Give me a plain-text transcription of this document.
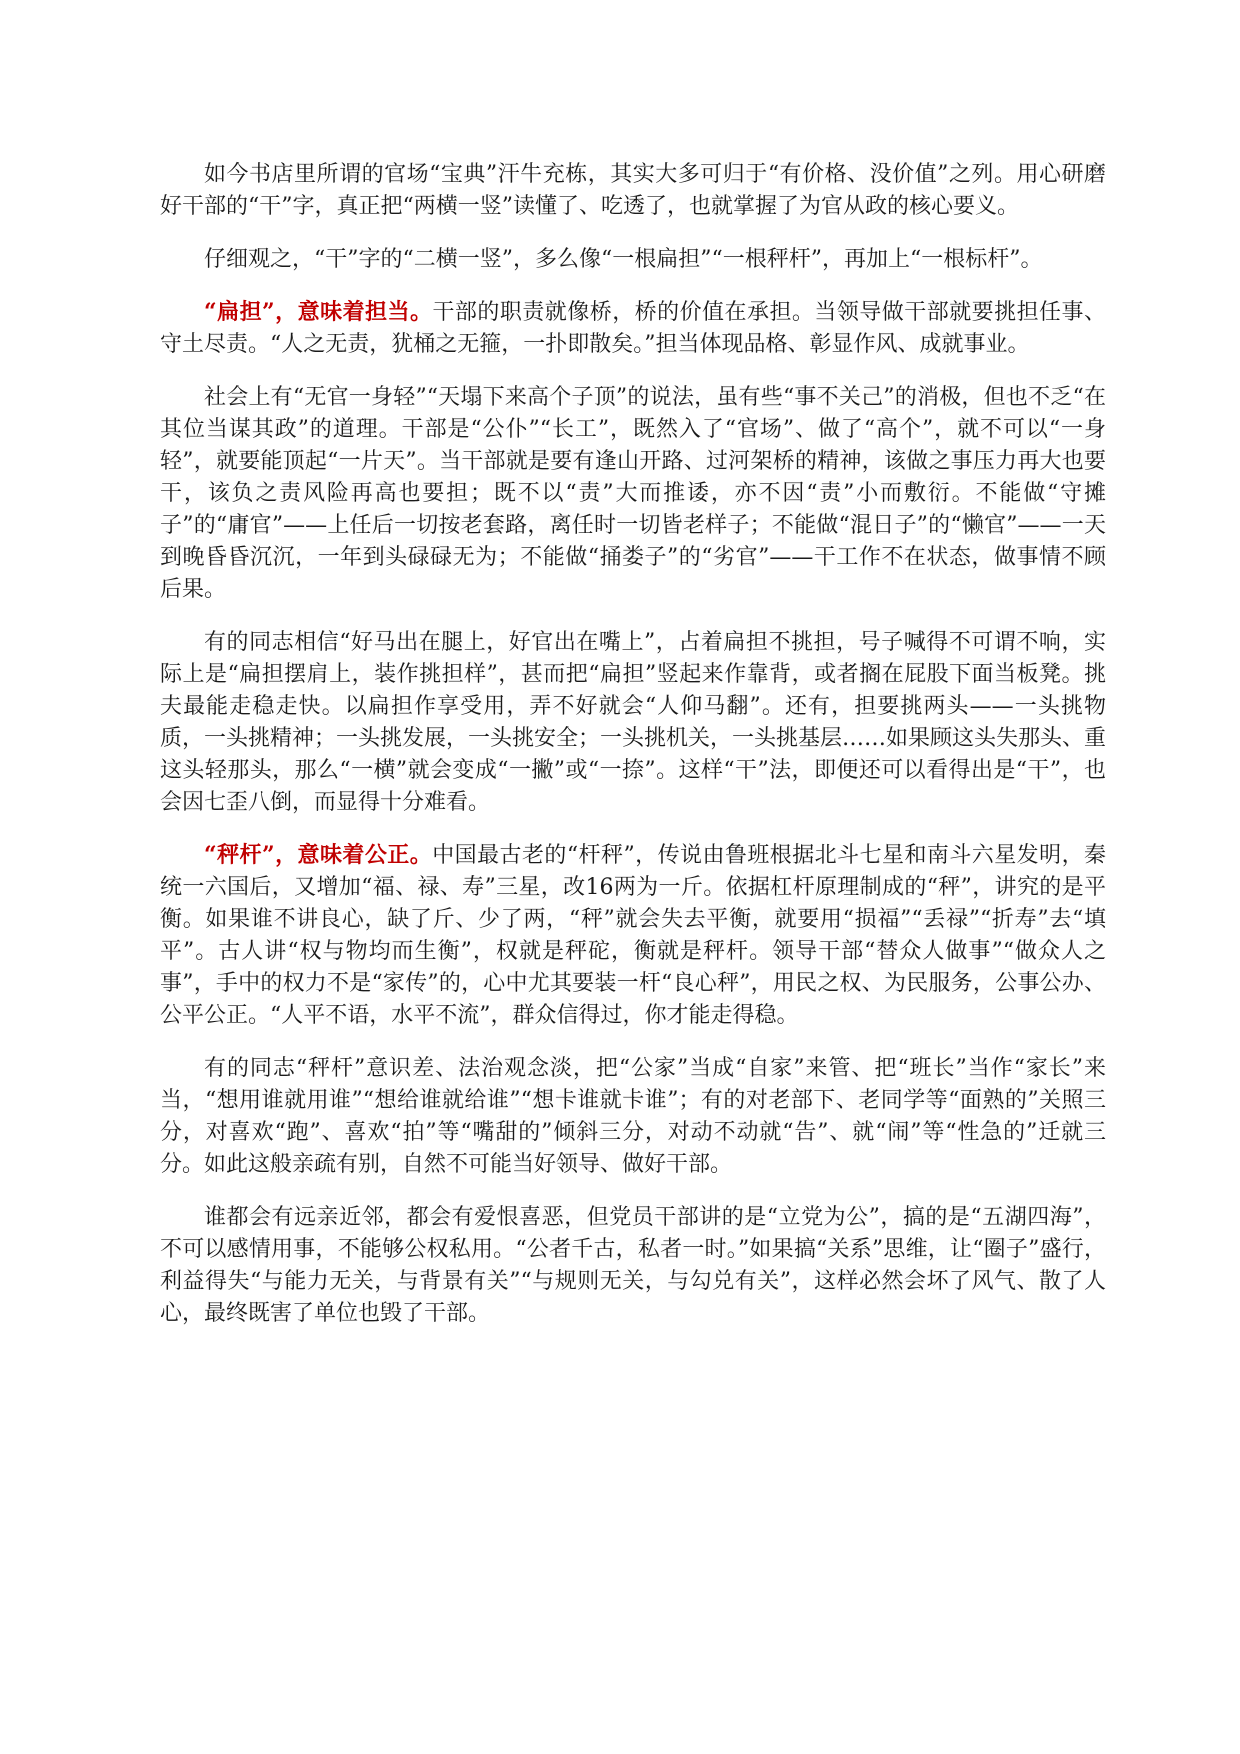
如今书店里所谓的官场“宝典”汗牛充栋，其实大多可归于“有价格、没价值”之列。用心研磨好干部的“干”字，真正把“两横一竖”读懂了、吃透了，也就掌握了为官从政的核心要义。

仔细观之，“干”字的“二横一竖”，多么像“一根扁担”“一根秤杆”，再加上“一根标杆”。

“扁担”，意味着担当。干部的职责就像桥，桥的价值在承担。当领导做干部就要挑担任事、守土尽责。“人之无责，犹桶之无箍，一扑即散矣。”担当体现品格、彰显作风、成就事业。

社会上有“无官一身轻”“天塌下来高个子顶”的说法，虽有些“事不关己”的消极，但也不乏“在其位当谋其政”的道理。干部是“公仆”“长工”，既然入了“官场”、做了“高个”，就不可以“一身轻”，就要能顶起“一片天”。当干部就是要有逢山开路、过河架桥的精神，该做之事压力再大也要干，该负之责风险再高也要担；既不以“责”大而推诿，亦不因“责”小而敷衍。不能做“守摊子”的“庸官”——上任后一切按老套路，离任时一切皆老样子；不能做“混日子”的“懒官”——一天到晚昏昏沉沉，一年到头碌碌无为；不能做“捅娄子”的“劣官”——干工作不在状态，做事情不顾后果。

有的同志相信“好马出在腿上，好官出在嘴上”，占着扁担不挑担，号子喊得不可谓不响，实际上是“扁担摆肩上，装作挑担样”，甚而把“扁担”竖起来作靠背，或者搁在屁股下面当板凳。挑夫最能走稳走快。以扁担作享受用，弄不好就会“人仰马翻”。还有，担要挑两头——一头挑物质，一头挑精神；一头挑发展，一头挑安全；一头挑机关，一头挑基层……如果顾这头失那头、重这头轻那头，那么“一横”就会变成“一撇”或“一捺”。这样“干”法，即便还可以看得出是“干”，也会因七歪八倒，而显得十分难看。

“秤杆”，意味着公正。中国最古老的“杆秤”，传说由鲁班根据北斗七星和南斗六星发明，秦统一六国后，又增加“福、禄、寿”三星，改16两为一斤。依据杠杆原理制成的“秤”，讲究的是平衡。如果谁不讲良心，缺了斤、少了两，“秤”就会失去平衡，就要用“损福”“丢禄”“折寿”去“填平”。古人讲“权与物均而生衡”，权就是秤砣，衡就是秤杆。领导干部“替众人做事”“做众人之事”，手中的权力不是“家传”的，心中尤其要装一杆“良心秤”，用民之权、为民服务，公事公办、公平公正。“人平不语，水平不流”，群众信得过，你才能走得稳。

有的同志“秤杆”意识差、法治观念淡，把“公家”当成“自家”来管、把“班长”当作“家长”来当，“想用谁就用谁”“想给谁就给谁”“想卡谁就卡谁”；有的对老部下、老同学等“面熟的”关照三分，对喜欢“跑”、喜欢“拍”等“嘴甜的”倾斜三分，对动不动就“告”、就“闹”等“性急的”迁就三分。如此这般亲疏有别，自然不可能当好领导、做好干部。

谁都会有远亲近邻，都会有爱恨喜恶，但党员干部讲的是“立党为公”，搞的是“五湖四海”，不可以感情用事，不能够公权私用。“公者千古，私者一时。”如果搞“关系”思维，让“圈子”盛行，利益得失“与能力无关，与背景有关”“与规则无关，与勾兑有关”，这样必然会坏了风气、散了人心，最终既害了单位也毁了干部。
